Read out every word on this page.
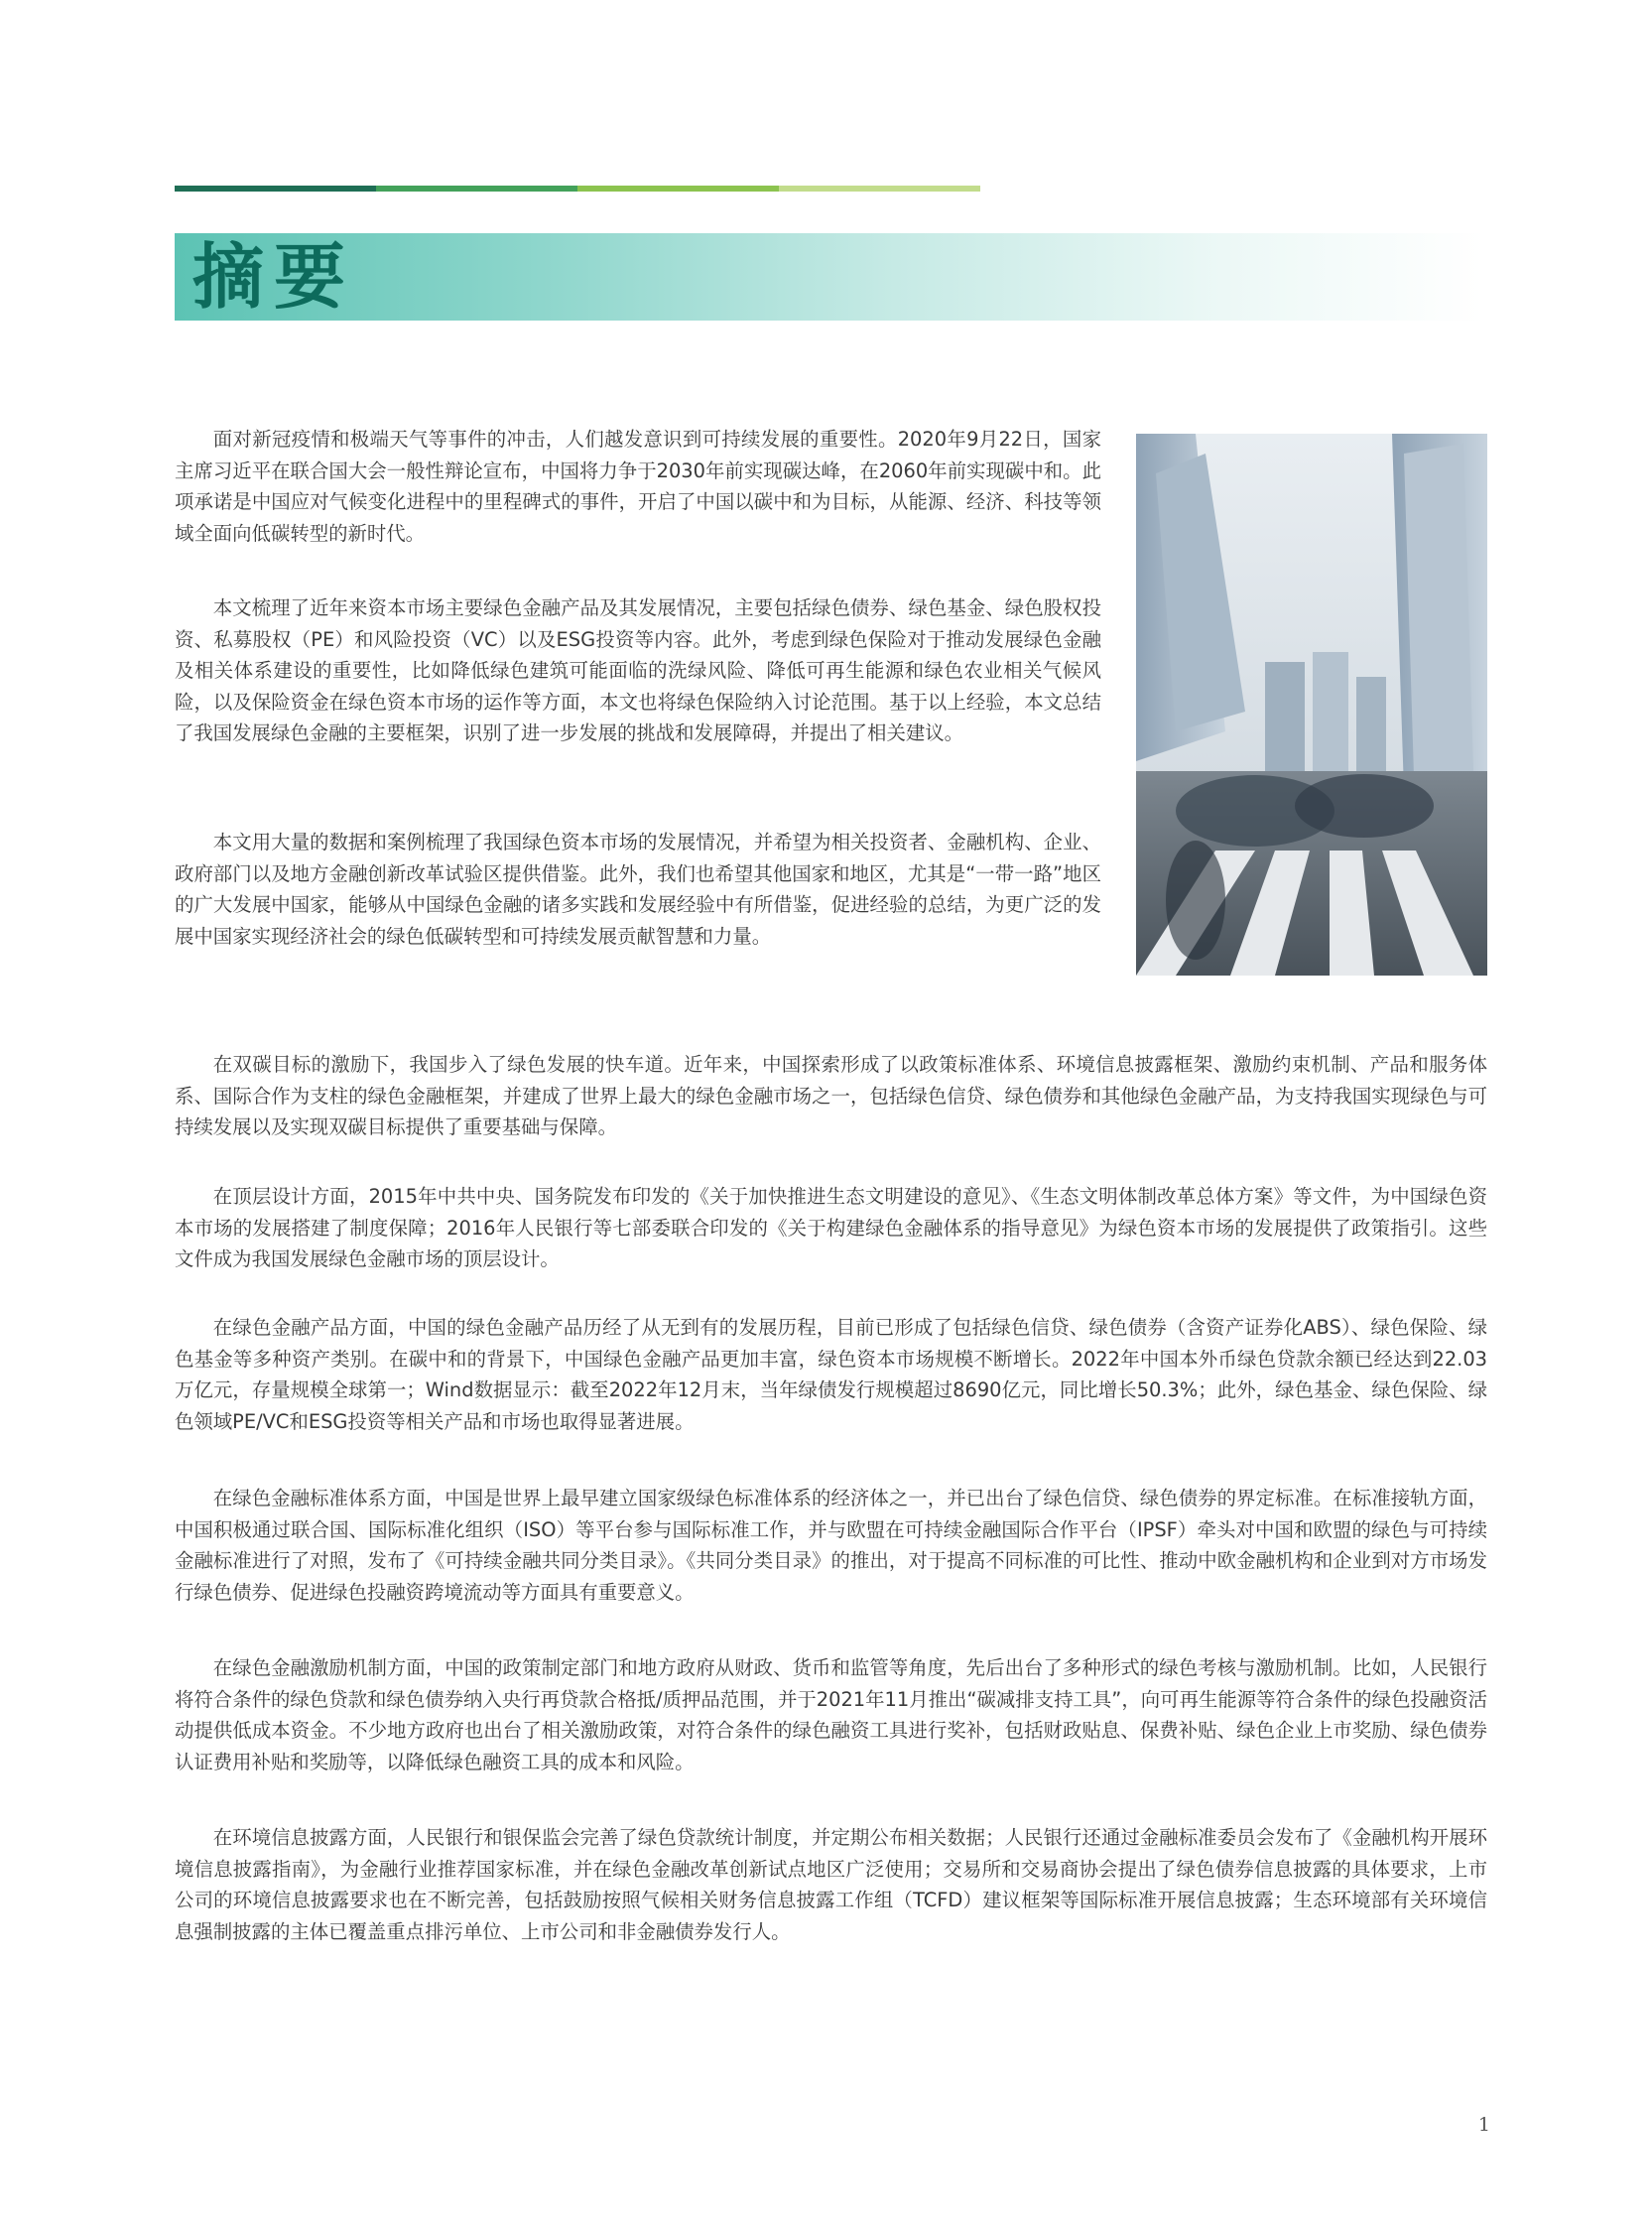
摘要

面对新冠疫情和极端天气等事件的冲击，人们越发意识到可持续发展的重要性。2020年9月22日，国家主席习近平在联合国大会一般性辩论宣布，中国将力争于2030年前实现碳达峰，在2060年前实现碳中和。此项承诺是中国应对气候变化进程中的里程碑式的事件，开启了中国以碳中和为目标，从能源、经济、科技等领域全面向低碳转型的新时代。

本文梳理了近年来资本市场主要绿色金融产品及其发展情况，主要包括绿色债券、绿色基金、绿色股权投资、私募股权（PE）和风险投资（VC）以及ESG投资等内容。此外，考虑到绿色保险对于推动发展绿色金融及相关体系建设的重要性，比如降低绿色建筑可能面临的洗绿风险、降低可再生能源和绿色农业相关气候风险，以及保险资金在绿色资本市场的运作等方面，本文也将绿色保险纳入讨论范围。基于以上经验，本文总结了我国发展绿色金融的主要框架，识别了进一步发展的挑战和发展障碍，并提出了相关建议。

本文用大量的数据和案例梳理了我国绿色资本市场的发展情况，并希望为相关投资者、金融机构、企业、政府部门以及地方金融创新改革试验区提供借鉴。此外，我们也希望其他国家和地区，尤其是“一带一路”地区的广大发展中国家，能够从中国绿色金融的诸多实践和发展经验中有所借鉴，促进经验的总结，为更广泛的发展中国家实现经济社会的绿色低碳转型和可持续发展贡献智慧和力量。

在双碳目标的激励下，我国步入了绿色发展的快车道。近年来，中国探索形成了以政策标准体系、环境信息披露框架、激励约束机制、产品和服务体系、国际合作为支柱的绿色金融框架，并建成了世界上最大的绿色金融市场之一，包括绿色信贷、绿色债券和其他绿色金融产品，为支持我国实现绿色与可持续发展以及实现双碳目标提供了重要基础与保障。

在顶层设计方面，2015年中共中央、国务院发布印发的《关于加快推进生态文明建设的意见》、《生态文明体制改革总体方案》等文件，为中国绿色资本市场的发展搭建了制度保障；2016年人民银行等七部委联合印发的《关于构建绿色金融体系的指导意见》为绿色资本市场的发展提供了政策指引。这些文件成为我国发展绿色金融市场的顶层设计。

在绿色金融产品方面，中国的绿色金融产品历经了从无到有的发展历程，目前已形成了包括绿色信贷、绿色债券（含资产证券化ABS）、绿色保险、绿色基金等多种资产类别。在碳中和的背景下，中国绿色金融产品更加丰富，绿色资本市场规模不断增长。2022年中国本外币绿色贷款余额已经达到22.03万亿元，存量规模全球第一；Wind数据显示：截至2022年12月末，当年绿债发行规模超过8690亿元，同比增长50.3%；此外，绿色基金、绿色保险、绿色领域PE/VC和ESG投资等相关产品和市场也取得显著进展。

在绿色金融标准体系方面，中国是世界上最早建立国家级绿色标准体系的经济体之一，并已出台了绿色信贷、绿色债券的界定标准。在标准接轨方面，中国积极通过联合国、国际标准化组织（ISO）等平台参与国际标准工作，并与欧盟在可持续金融国际合作平台（IPSF）牵头对中国和欧盟的绿色与可持续金融标准进行了对照，发布了《可持续金融共同分类目录》。《共同分类目录》的推出，对于提高不同标准的可比性、推动中欧金融机构和企业到对方市场发行绿色债券、促进绿色投融资跨境流动等方面具有重要意义。

在绿色金融激励机制方面，中国的政策制定部门和地方政府从财政、货币和监管等角度，先后出台了多种形式的绿色考核与激励机制。比如，人民银行将符合条件的绿色贷款和绿色债券纳入央行再贷款合格抵/质押品范围，并于2021年11月推出“碳减排支持工具”，向可再生能源等符合条件的绿色投融资活动提供低成本资金。不少地方政府也出台了相关激励政策，对符合条件的绿色融资工具进行奖补，包括财政贴息、保费补贴、绿色企业上市奖励、绿色债券认证费用补贴和奖励等，以降低绿色融资工具的成本和风险。

在环境信息披露方面，人民银行和银保监会完善了绿色贷款统计制度，并定期公布相关数据；人民银行还通过金融标准委员会发布了《金融机构开展环境信息披露指南》，为金融行业推荐国家标准，并在绿色金融改革创新试点地区广泛使用；交易所和交易商协会提出了绿色债券信息披露的具体要求，上市公司的环境信息披露要求也在不断完善，包括鼓励按照气候相关财务信息披露工作组（TCFD）建议框架等国际标准开展信息披露；生态环境部有关环境信息强制披露的主体已覆盖重点排污单位、上市公司和非金融债券发行人。

1
